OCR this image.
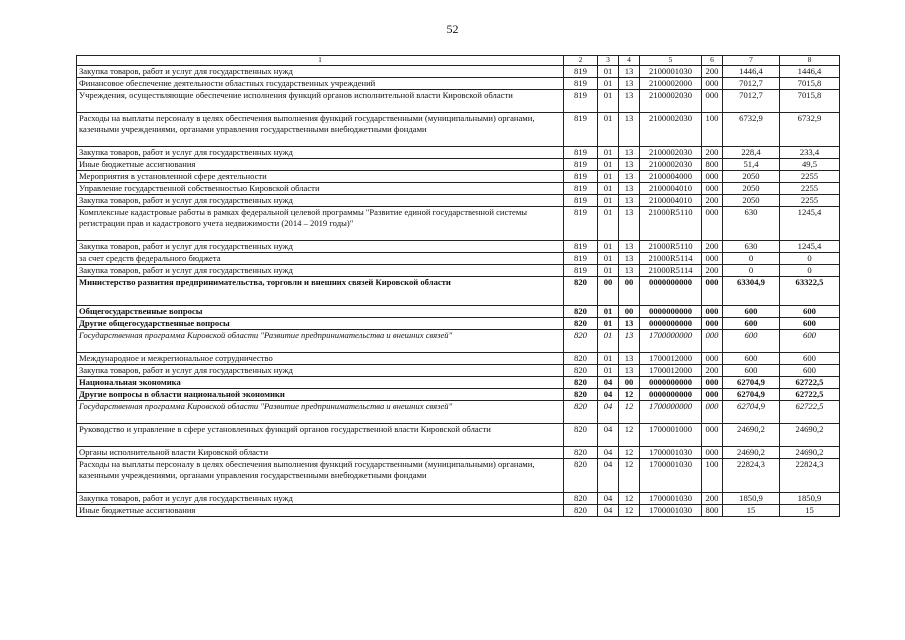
52
1	2	3	4	5	6	7	8
Закупка товаров, работ и услуг для государственных нужд	819	01	13	2100001030	200	1446,4	1446,4
Финансовое обеспечение деятельности областных государственных учреждений	819	01	13	2100002000	000	7012,7	7015,8
Учреждения, осуществляющие обеспечение исполнения функций органов исполнительной власти Кировской области	819	01	13	2100002030	000	7012,7	7015,8
Расходы на выплаты персоналу в целях обеспечения выполнения функций государственными (муниципальными) органами, казенными учреждениями, органами управления государственными внебюджетными фондами	819	01	13	2100002030	100	6732,9	6732,9
Закупка товаров, работ и услуг для государственных нужд	819	01	13	2100002030	200	228,4	233,4
Иные бюджетные ассигнования	819	01	13	2100002030	800	51,4	49,5
Мероприятия в установленной сфере деятельности	819	01	13	2100004000	000	2050	2255
Управление государственной собственностью Кировской области	819	01	13	2100004010	000	2050	2255
Закупка товаров, работ и услуг для государственных нужд	819	01	13	2100004010	200	2050	2255
Комплексные кадастровые работы в рамках федеральной целевой программы "Развитие единой государственной системы регистрации прав и кадастрового учета недвижимости (2014 – 2019 годы)"	819	01	13	21000R5110	000	630	1245,4
Закупка товаров, работ и услуг для государственных нужд	819	01	13	21000R5110	200	630	1245,4
за счет средств федерального бюджета	819	01	13	21000R5114	000	0	0
Закупка товаров, работ и услуг для государственных нужд	819	01	13	21000R5114	200	0	0
Министерство развития предпринимательства, торговли и внешних связей Кировской области	820	00	00	0000000000	000	63304,9	63322,5
Общегосударственные вопросы	820	01	00	0000000000	000	600	600
Другие общегосударственные вопросы	820	01	13	0000000000	000	600	600
Государственная программа Кировской области "Развитие предпринимательства и внешних связей"	820	01	13	1700000000	000	600	600
Международное и межрегиональное сотрудничество	820	01	13	1700012000	000	600	600
Закупка товаров, работ и услуг для государственных нужд	820	01	13	1700012000	200	600	600
Национальная экономика	820	04	00	0000000000	000	62704,9	62722,5
Другие вопросы в области национальной экономики	820	04	12	0000000000	000	62704,9	62722,5
Государственная программа Кировской области "Развитие предпринимательства и внешних связей"	820	04	12	1700000000	000	62704,9	62722,5
Руководство и управление в сфере установленных функций органов государственной власти Кировской области	820	04	12	1700001000	000	24690,2	24690,2
Органы исполнительной власти Кировской области	820	04	12	1700001030	000	24690,2	24690,2
Расходы на выплаты персоналу в целях обеспечения выполнения функций государственными (муниципальными) органами, казенными учреждениями, органами управления государственными внебюджетными фондами	820	04	12	1700001030	100	22824,3	22824,3
Закупка товаров, работ и услуг для государственных нужд	820	04	12	1700001030	200	1850,9	1850,9
Иные бюджетные ассигнования	820	04	12	1700001030	800	15	15
